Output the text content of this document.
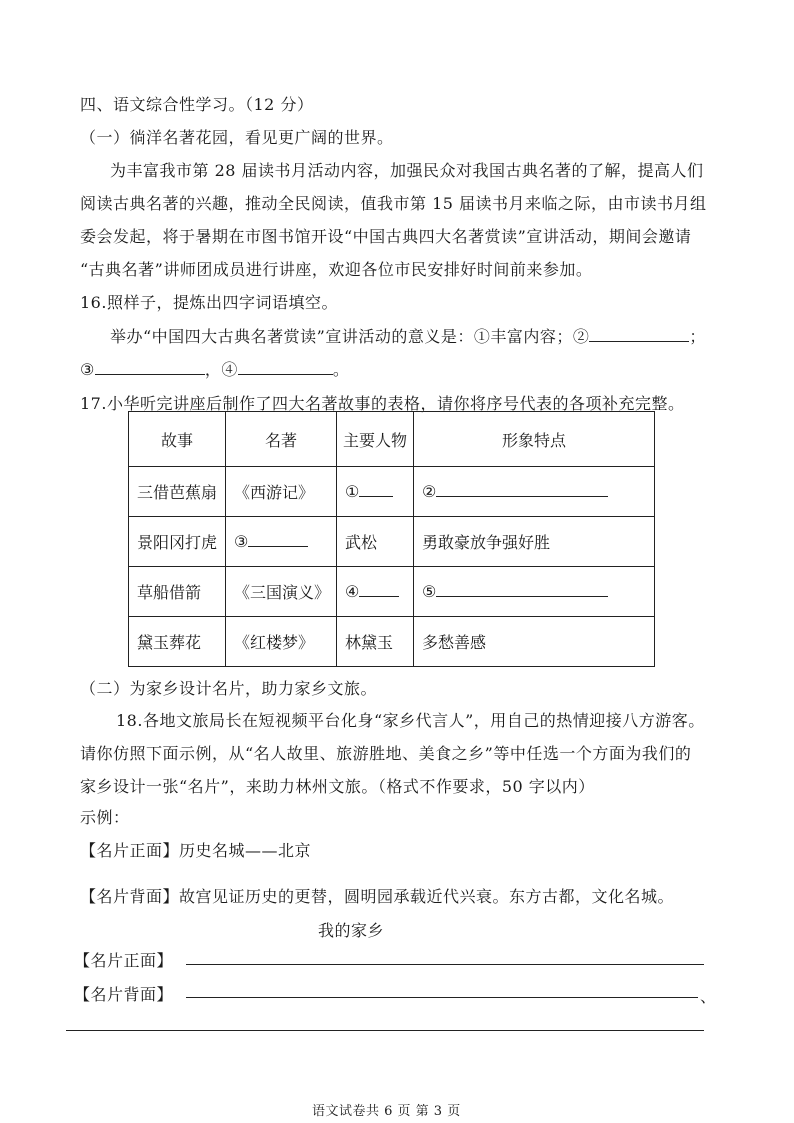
四、语文综合性学习。（12 分）
（一）徜洋名著花园，看见更广阔的世界。
为丰富我市第 28 届读书月活动内容，加强民众对我国古典名著的了解，提高人们
阅读古典名著的兴趣，推动全民阅读，值我市第 15 届读书月来临之际，由市读书月组
委会发起，将于暑期在市图书馆开设“中国古典四大名著赏读”宣讲活动，期间会邀请
“古典名著”讲师团成员进行讲座，欢迎各位市民安排好时间前来参加。
16.照样子，提炼出四字词语填空。
举办“中国四大古典名著赏读”宣讲活动的意义是：①丰富内容；②	；
③	，④	。
17.小华听完讲座后制作了四大名著故事的表格，请你将序号代表的各项补充完整。
故事	名著	主要人物	形象特点
三借芭蕉扇	《西游记》	①	②
景阳冈打虎	③	武松	勇敢豪放争强好胜
草船借箭	《三国演义》	④	⑤
黛玉葬花	《红楼梦》	林黛玉	多愁善感
（二）为家乡设计名片，助力家乡文旅。
18.各地文旅局长在短视频平台化身“家乡代言人”，用自己的热情迎接八方游客。
请你仿照下面示例，从“名人故里、旅游胜地、美食之乡”等中任选一个方面为我们的
家乡设计一张“名片”，来助力林州文旅。（格式不作要求，50 字以内）
示例：
【名片正面】历史名城——北京
【名片背面】故宫见证历史的更替，圆明园承载近代兴衰。东方古都，文化名城。
我的家乡
【名片正面】
【名片背面】	、
语文试卷共 6 页 第 3 页
